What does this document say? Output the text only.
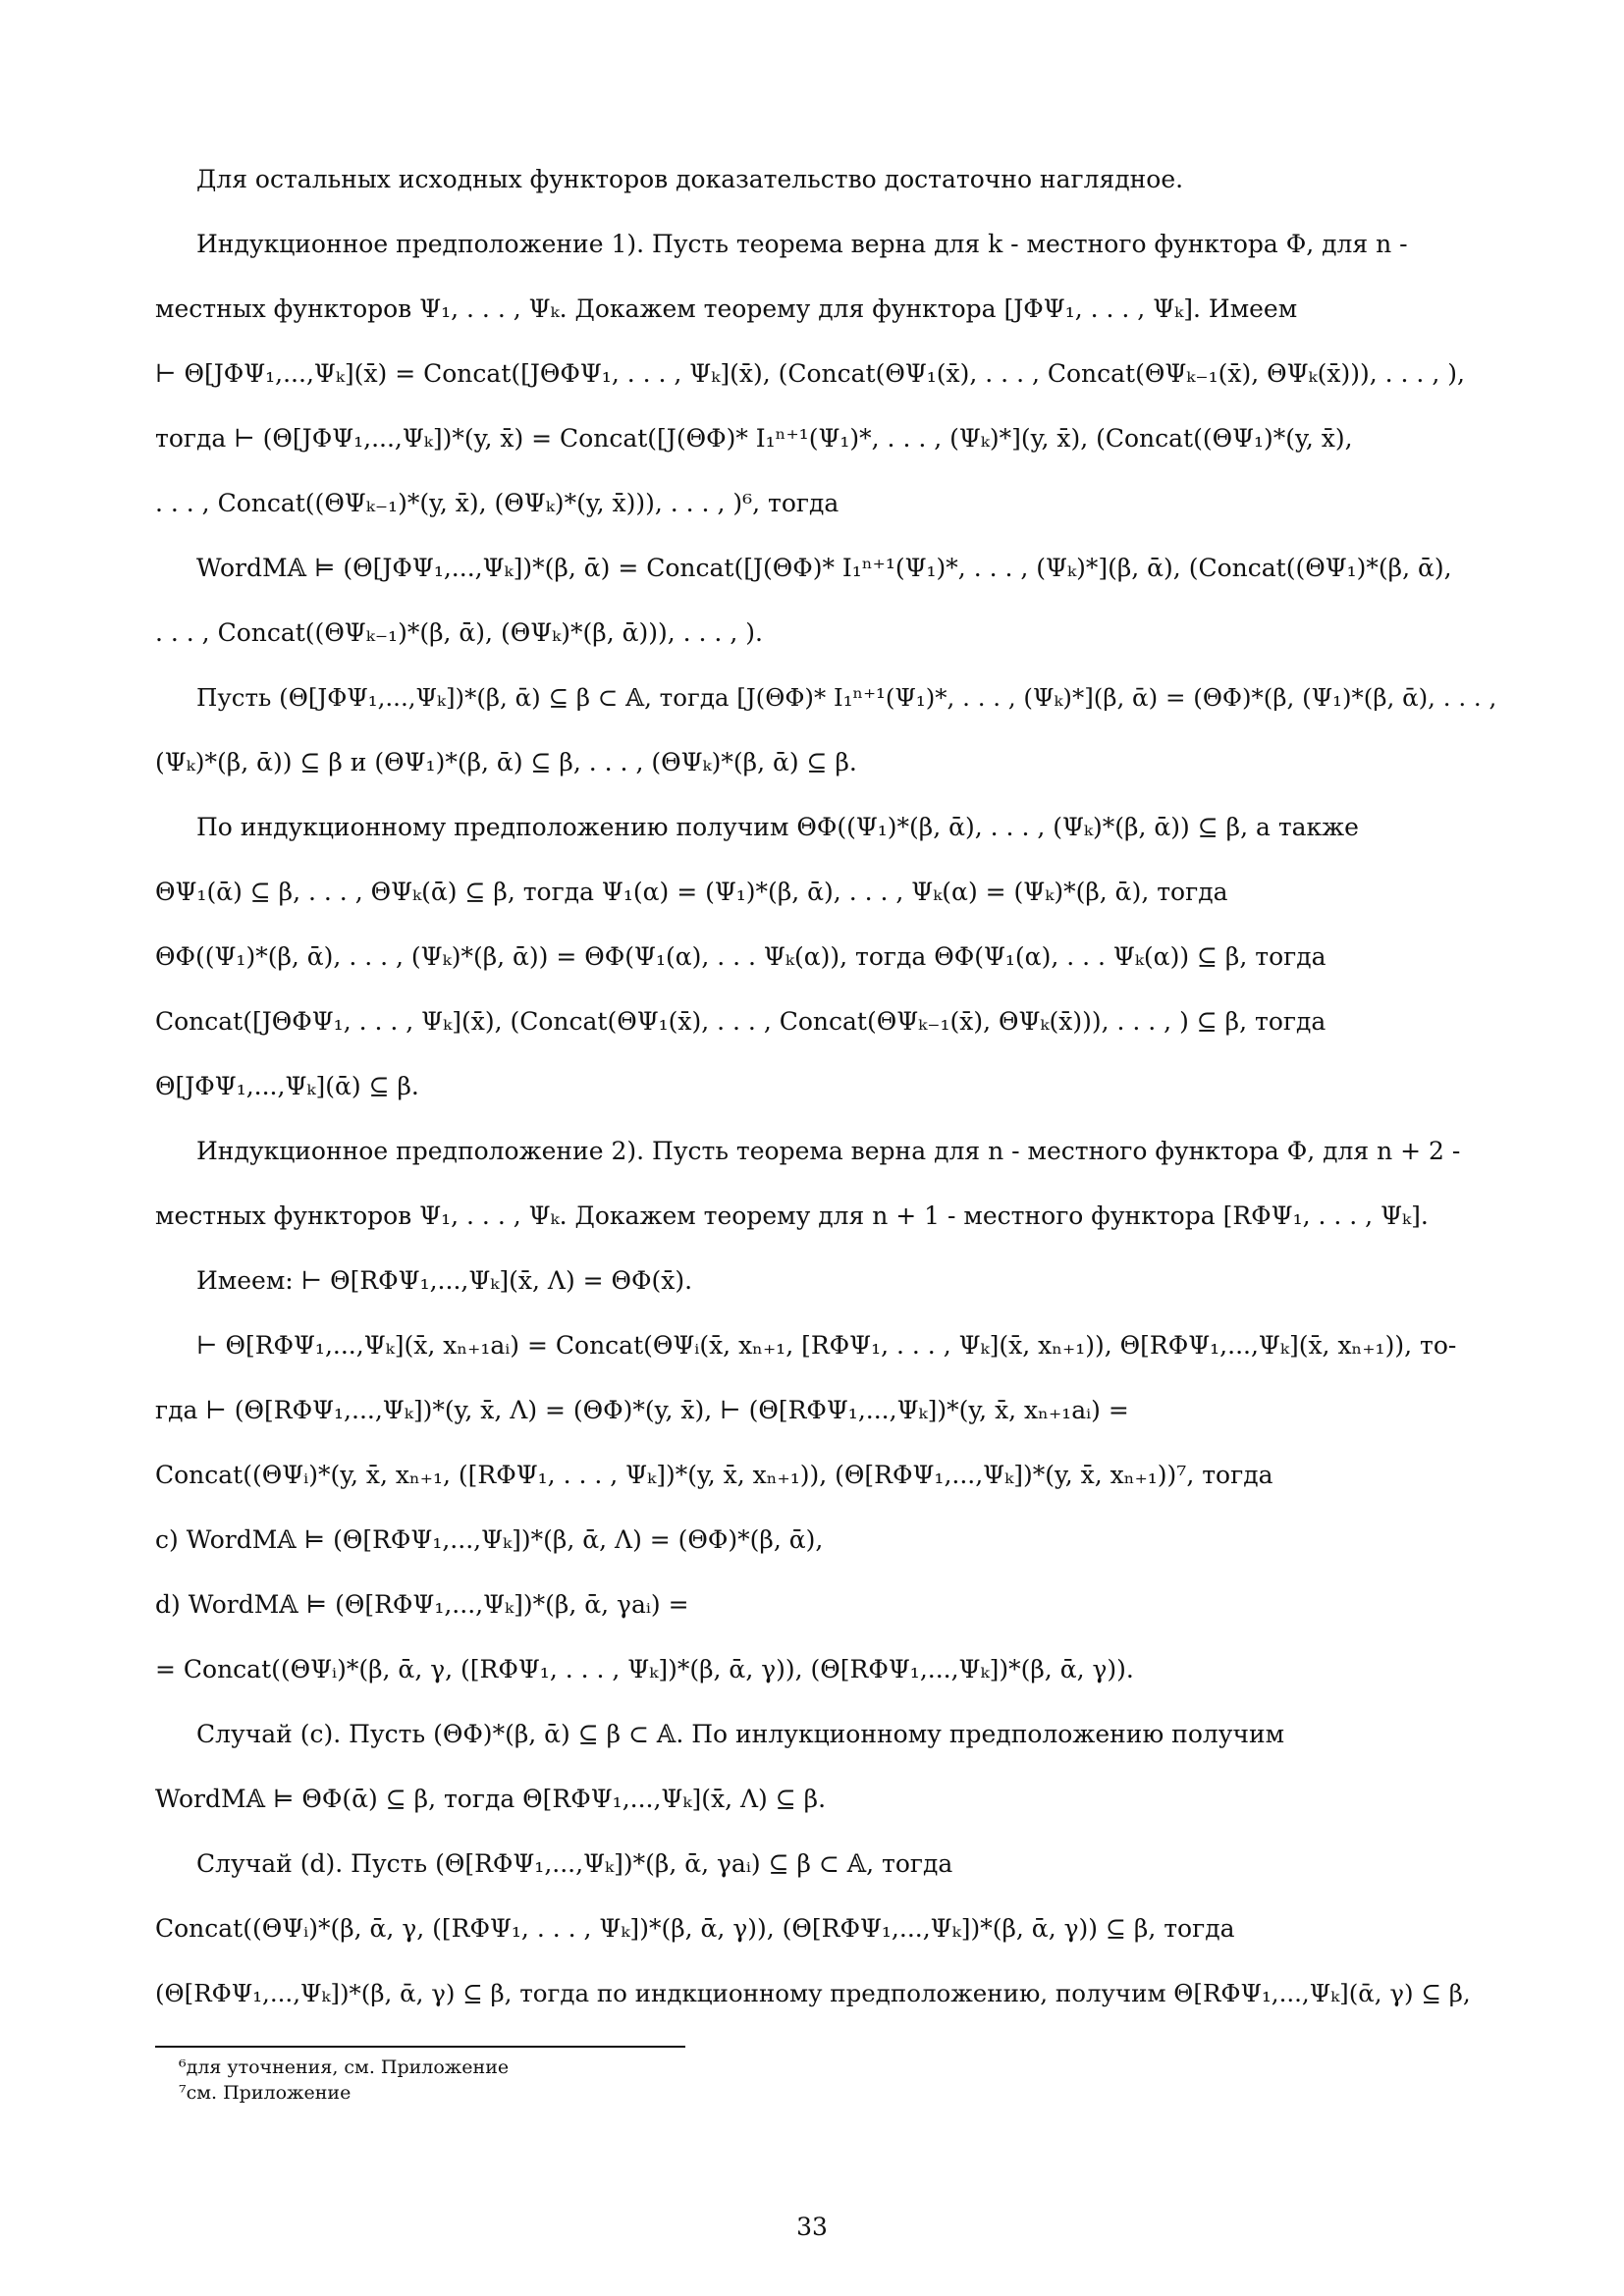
Для остальных исходных функторов доказательство достаточно наглядное.
Индукционное предположение 1). Пусть теорема верна для k - местного функтора Φ, для n -
местных функторов Ψ₁, . . . , Ψₖ. Докажем теорему для функтора [JΦΨ₁, . . . , Ψₖ]. Имеем
⊢ Θ[JΦΨ₁,...,Ψₖ](x̄) = Concat([JΘΦΨ₁, . . . , Ψₖ](x̄), (Concat(ΘΨ₁(x̄), . . . , Concat(ΘΨₖ₋₁(x̄), ΘΨₖ(x̄))), . . . , ),
тогда ⊢ (Θ[JΦΨ₁,...,Ψₖ])*(y, x̄) = Concat([J(ΘΦ)* I₁ⁿ⁺¹(Ψ₁)*, . . . , (Ψₖ)*](y, x̄), (Concat((ΘΨ₁)*(y, x̄),
. . . , Concat((ΘΨₖ₋₁)*(y, x̄), (ΘΨₖ)*(y, x̄))), . . . , )⁶, тогда
WordM𝔸 ⊨ (Θ[JΦΨ₁,...,Ψₖ])*(β, ᾱ) = Concat([J(ΘΦ)* I₁ⁿ⁺¹(Ψ₁)*, . . . , (Ψₖ)*](β, ᾱ), (Concat((ΘΨ₁)*(β, ᾱ),
. . . , Concat((ΘΨₖ₋₁)*(β, ᾱ), (ΘΨₖ)*(β, ᾱ))), . . . , ).
Пусть (Θ[JΦΨ₁,...,Ψₖ])*(β, ᾱ) ⊆ β ⊂ 𝔸, тогда [J(ΘΦ)* I₁ⁿ⁺¹(Ψ₁)*, . . . , (Ψₖ)*](β, ᾱ) = (ΘΦ)*(β, (Ψ₁)*(β, ᾱ), . . . ,
(Ψₖ)*(β, ᾱ)) ⊆ β и (ΘΨ₁)*(β, ᾱ) ⊆ β, . . . , (ΘΨₖ)*(β, ᾱ) ⊆ β.
По индукционному предположению получим ΘΦ((Ψ₁)*(β, ᾱ), . . . , (Ψₖ)*(β, ᾱ)) ⊆ β, а также
ΘΨ₁(ᾱ) ⊆ β, . . . , ΘΨₖ(ᾱ) ⊆ β, тогда Ψ₁(α) = (Ψ₁)*(β, ᾱ), . . . , Ψₖ(α) = (Ψₖ)*(β, ᾱ), тогда
ΘΦ((Ψ₁)*(β, ᾱ), . . . , (Ψₖ)*(β, ᾱ)) = ΘΦ(Ψ₁(α), . . . Ψₖ(α)), тогда ΘΦ(Ψ₁(α), . . . Ψₖ(α)) ⊆ β, тогда
Concat([JΘΦΨ₁, . . . , Ψₖ](x̄), (Concat(ΘΨ₁(x̄), . . . , Concat(ΘΨₖ₋₁(x̄), ΘΨₖ(x̄))), . . . , ) ⊆ β, тогда
Θ[JΦΨ₁,...,Ψₖ](ᾱ) ⊆ β.
Индукционное предположение 2). Пусть теорема верна для n - местного функтора Φ, для n + 2 -
местных функторов Ψ₁, . . . , Ψₖ. Докажем теорему для n + 1 - местного функтора [RΦΨ₁, . . . , Ψₖ].
Имеем: ⊢ Θ[RΦΨ₁,...,Ψₖ](x̄, Λ) = ΘΦ(x̄).
⊢ Θ[RΦΨ₁,...,Ψₖ](x̄, xₙ₊₁aᵢ) = Concat(ΘΨᵢ(x̄, xₙ₊₁, [RΦΨ₁, . . . , Ψₖ](x̄, xₙ₊₁)), Θ[RΦΨ₁,...,Ψₖ](x̄, xₙ₊₁)), то-
гда ⊢ (Θ[RΦΨ₁,...,Ψₖ])*(y, x̄, Λ) = (ΘΦ)*(y, x̄), ⊢ (Θ[RΦΨ₁,...,Ψₖ])*(y, x̄, xₙ₊₁aᵢ) =
Concat((ΘΨᵢ)*(y, x̄, xₙ₊₁, ([RΦΨ₁, . . . , Ψₖ])*(y, x̄, xₙ₊₁)), (Θ[RΦΨ₁,...,Ψₖ])*(y, x̄, xₙ₊₁))⁷, тогда
c) WordM𝔸 ⊨ (Θ[RΦΨ₁,...,Ψₖ])*(β, ᾱ, Λ) = (ΘΦ)*(β, ᾱ),
d) WordM𝔸 ⊨ (Θ[RΦΨ₁,...,Ψₖ])*(β, ᾱ, γaᵢ) =
= Concat((ΘΨᵢ)*(β, ᾱ, γ, ([RΦΨ₁, . . . , Ψₖ])*(β, ᾱ, γ)), (Θ[RΦΨ₁,...,Ψₖ])*(β, ᾱ, γ)).
Случай (c). Пусть (ΘΦ)*(β, ᾱ) ⊆ β ⊂ 𝔸. По инлукционному предположению получим
WordM𝔸 ⊨ ΘΦ(ᾱ) ⊆ β, тогда Θ[RΦΨ₁,...,Ψₖ](x̄, Λ) ⊆ β.
Случай (d). Пусть (Θ[RΦΨ₁,...,Ψₖ])*(β, ᾱ, γaᵢ) ⊆ β ⊂ 𝔸, тогда
Concat((ΘΨᵢ)*(β, ᾱ, γ, ([RΦΨ₁, . . . , Ψₖ])*(β, ᾱ, γ)), (Θ[RΦΨ₁,...,Ψₖ])*(β, ᾱ, γ)) ⊆ β, тогда
(Θ[RΦΨ₁,...,Ψₖ])*(β, ᾱ, γ) ⊆ β, тогда по индкционному предположению, получим Θ[RΦΨ₁,...,Ψₖ](ᾱ, γ) ⊆ β,
⁶для уточнения, см. Приложение
⁷см. Приложение
33
